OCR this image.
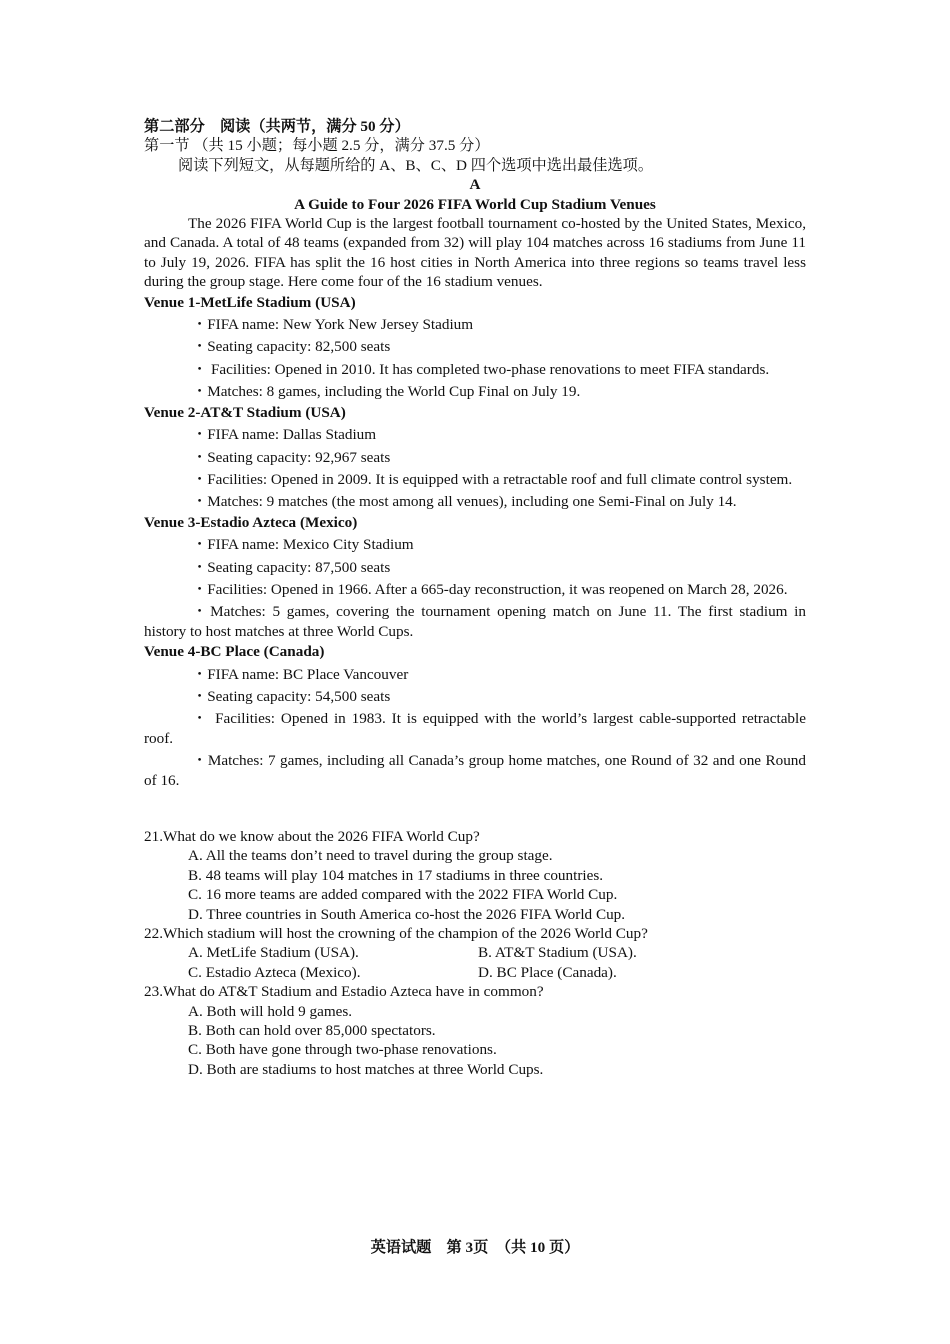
第二部分　阅读（共两节，满分 50 分）

第一节 （共 15 小题；每小题 2.5 分，满分 37.5 分）

阅读下列短文，从每题所给的 A、B、C、D 四个选项中选出最佳选项。

A

A Guide to Four 2026 FIFA World Cup Stadium Venues

The 2026 FIFA World Cup is the largest football tournament co-hosted by the United States, Mexico, and Canada. A total of 48 teams (expanded from 32) will play 104 matches across 16 stadiums from June 11 to July 19, 2026. FIFA has split the 16 host cities in North America into three regions so teams travel less during the group stage. Here come four of the 16 stadium venues.

Venue 1-MetLife Stadium (USA)

・FIFA name: New York New Jersey Stadium

・Seating capacity: 82,500 seats

・ Facilities: Opened in 2010. It has completed two-phase renovations to meet FIFA standards.

・Matches: 8 games, including the World Cup Final on July 19.

Venue 2-AT&T Stadium (USA)

・FIFA name: Dallas Stadium

・Seating capacity: 92,967 seats

・Facilities: Opened in 2009. It is equipped with a retractable roof and full climate control system.

・Matches: 9 matches (the most among all venues), including one Semi-Final on July 14.

Venue 3-Estadio Azteca (Mexico)

・FIFA name: Mexico City Stadium

・Seating capacity: 87,500 seats

・Facilities: Opened in 1966. After a 665-day reconstruction, it was reopened on March 28, 2026.

・Matches: 5 games, covering the tournament opening match on June 11. The first stadium in history to host matches at three World Cups.

Venue 4-BC Place (Canada)

・FIFA name: BC Place Vancouver

・Seating capacity: 54,500 seats

・ Facilities: Opened in 1983. It is equipped with the world’s largest cable-supported retractable roof.

・Matches: 7 games, including all Canada’s group home matches, one Round of 32 and one Round of 16.

21.What do we know about the 2026 FIFA World Cup?

A. All the teams don’t need to travel during the group stage.

B. 48 teams will play 104 matches in 17 stadiums in three countries.

C. 16 more teams are added compared with the 2022 FIFA World Cup.

D. Three countries in South America co-host the 2026 FIFA World Cup.

22.Which stadium will host the crowning of the champion of the 2026 World Cup?

A. MetLife Stadium (USA).	B. AT&T Stadium (USA).
C. Estadio Azteca (Mexico).	D. BC Place (Canada).

23.What do AT&T Stadium and Estadio Azteca have in common?

A. Both will hold 9 games.

B. Both can hold over 85,000 spectators.

C. Both have gone through two-phase renovations.

D. Both are stadiums to host matches at three World Cups.

英语试题　第 3页　（共 10 页）
